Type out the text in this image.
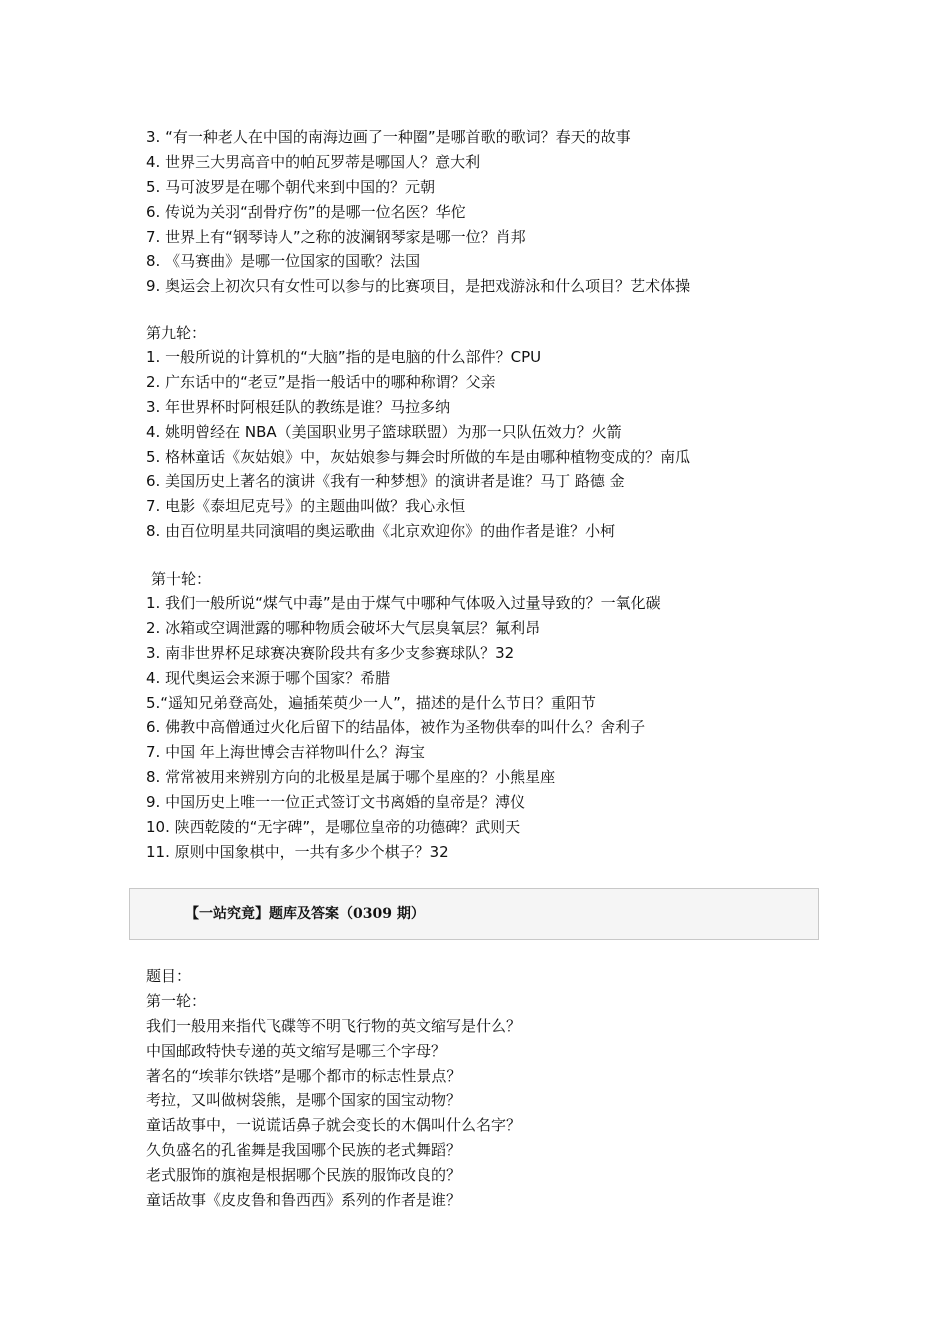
3. “有一种老人在中国的南海边画了一种圈”是哪首歌的歌词？春天的故事
4. 世界三大男高音中的帕瓦罗蒂是哪国人？意大利
5. 马可波罗是在哪个朝代来到中国的？元朝
6. 传说为关羽“刮骨疗伤”的是哪一位名医？华佗
7. 世界上有“钢琴诗人”之称的波澜钢琴家是哪一位？肖邦
8. 《马赛曲》是哪一位国家的国歌？法国
9. 奥运会上初次只有女性可以参与的比赛项目，是把戏游泳和什么项目？艺术体操
第九轮：
1. 一般所说的计算机的“大脑”指的是电脑的什么部件？CPU
2. 广东话中的“老豆”是指一般话中的哪种称谓？父亲
3. 年世界杯时阿根廷队的教练是谁？马拉多纳
4. 姚明曾经在 NBA（美国职业男子篮球联盟）为那一只队伍效力？火箭
5. 格林童话《灰姑娘》中，灰姑娘参与舞会时所做的车是由哪种植物变成的？南瓜
6. 美国历史上著名的演讲《我有一种梦想》的演讲者是谁？马丁 路德 金
7. 电影《泰坦尼克号》的主题曲叫做？我心永恒
8. 由百位明星共同演唱的奥运歌曲《北京欢迎你》的曲作者是谁？小柯
第十轮：
1. 我们一般所说“煤气中毒”是由于煤气中哪种气体吸入过量导致的？一氧化碳
2. 冰箱或空调泄露的哪种物质会破坏大气层臭氧层？氟利昂
3. 南非世界杯足球赛决赛阶段共有多少支参赛球队？32
4. 现代奥运会来源于哪个国家？希腊
5.“遥知兄弟登高处，遍插茱萸少一人”，描述的是什么节日？重阳节
6. 佛教中高僧通过火化后留下的结晶体，被作为圣物供奉的叫什么？舍利子
7. 中国 年上海世博会吉祥物叫什么？海宝
8. 常常被用来辨别方向的北极星是属于哪个星座的？小熊星座
9. 中国历史上唯一一位正式签订文书离婚的皇帝是？溥仪
10. 陕西乾陵的“无字碑”，是哪位皇帝的功德碑？武则天
11. 原则中国象棋中，一共有多少个棋子？32
【一站究竟】题库及答案（0309 期）
题目：
第一轮：
我们一般用来指代飞碟等不明飞行物的英文缩写是什么？
中国邮政特快专递的英文缩写是哪三个字母？
著名的“埃菲尔铁塔”是哪个都市的标志性景点？
考拉，又叫做树袋熊，是哪个国家的国宝动物？
童话故事中，一说谎话鼻子就会变长的木偶叫什么名字？
久负盛名的孔雀舞是我国哪个民族的老式舞蹈？
老式服饰的旗袍是根据哪个民族的服饰改良的？
童话故事《皮皮鲁和鲁西西》系列的作者是谁？
